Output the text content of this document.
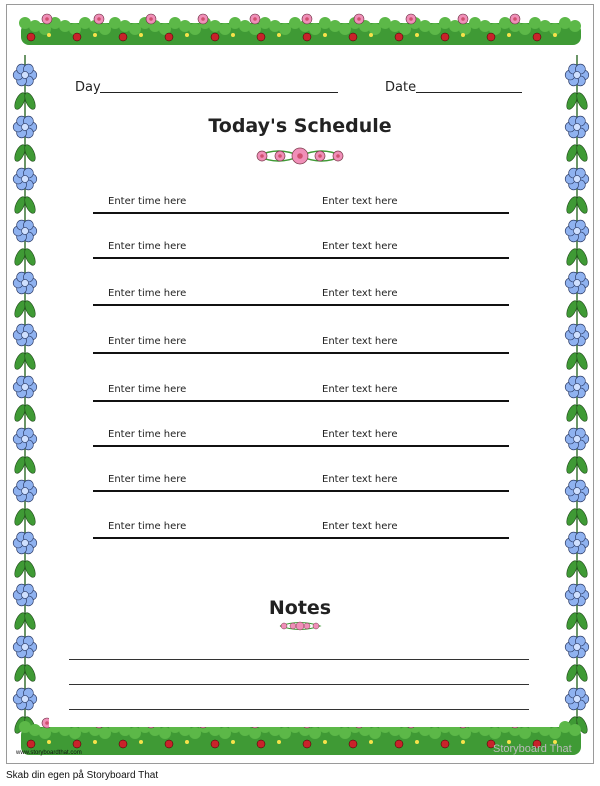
Day	Date
Today's Schedule
Enter time here	Enter text here
Enter time here	Enter text here
Enter time here	Enter text here
Enter time here	Enter text here
Enter time here	Enter text here
Enter time here	Enter text here
Enter time here	Enter text here
Enter time here	Enter text here
Notes
www.storyboardthat.com	Storyboard That
Skab din egen på Storyboard That
